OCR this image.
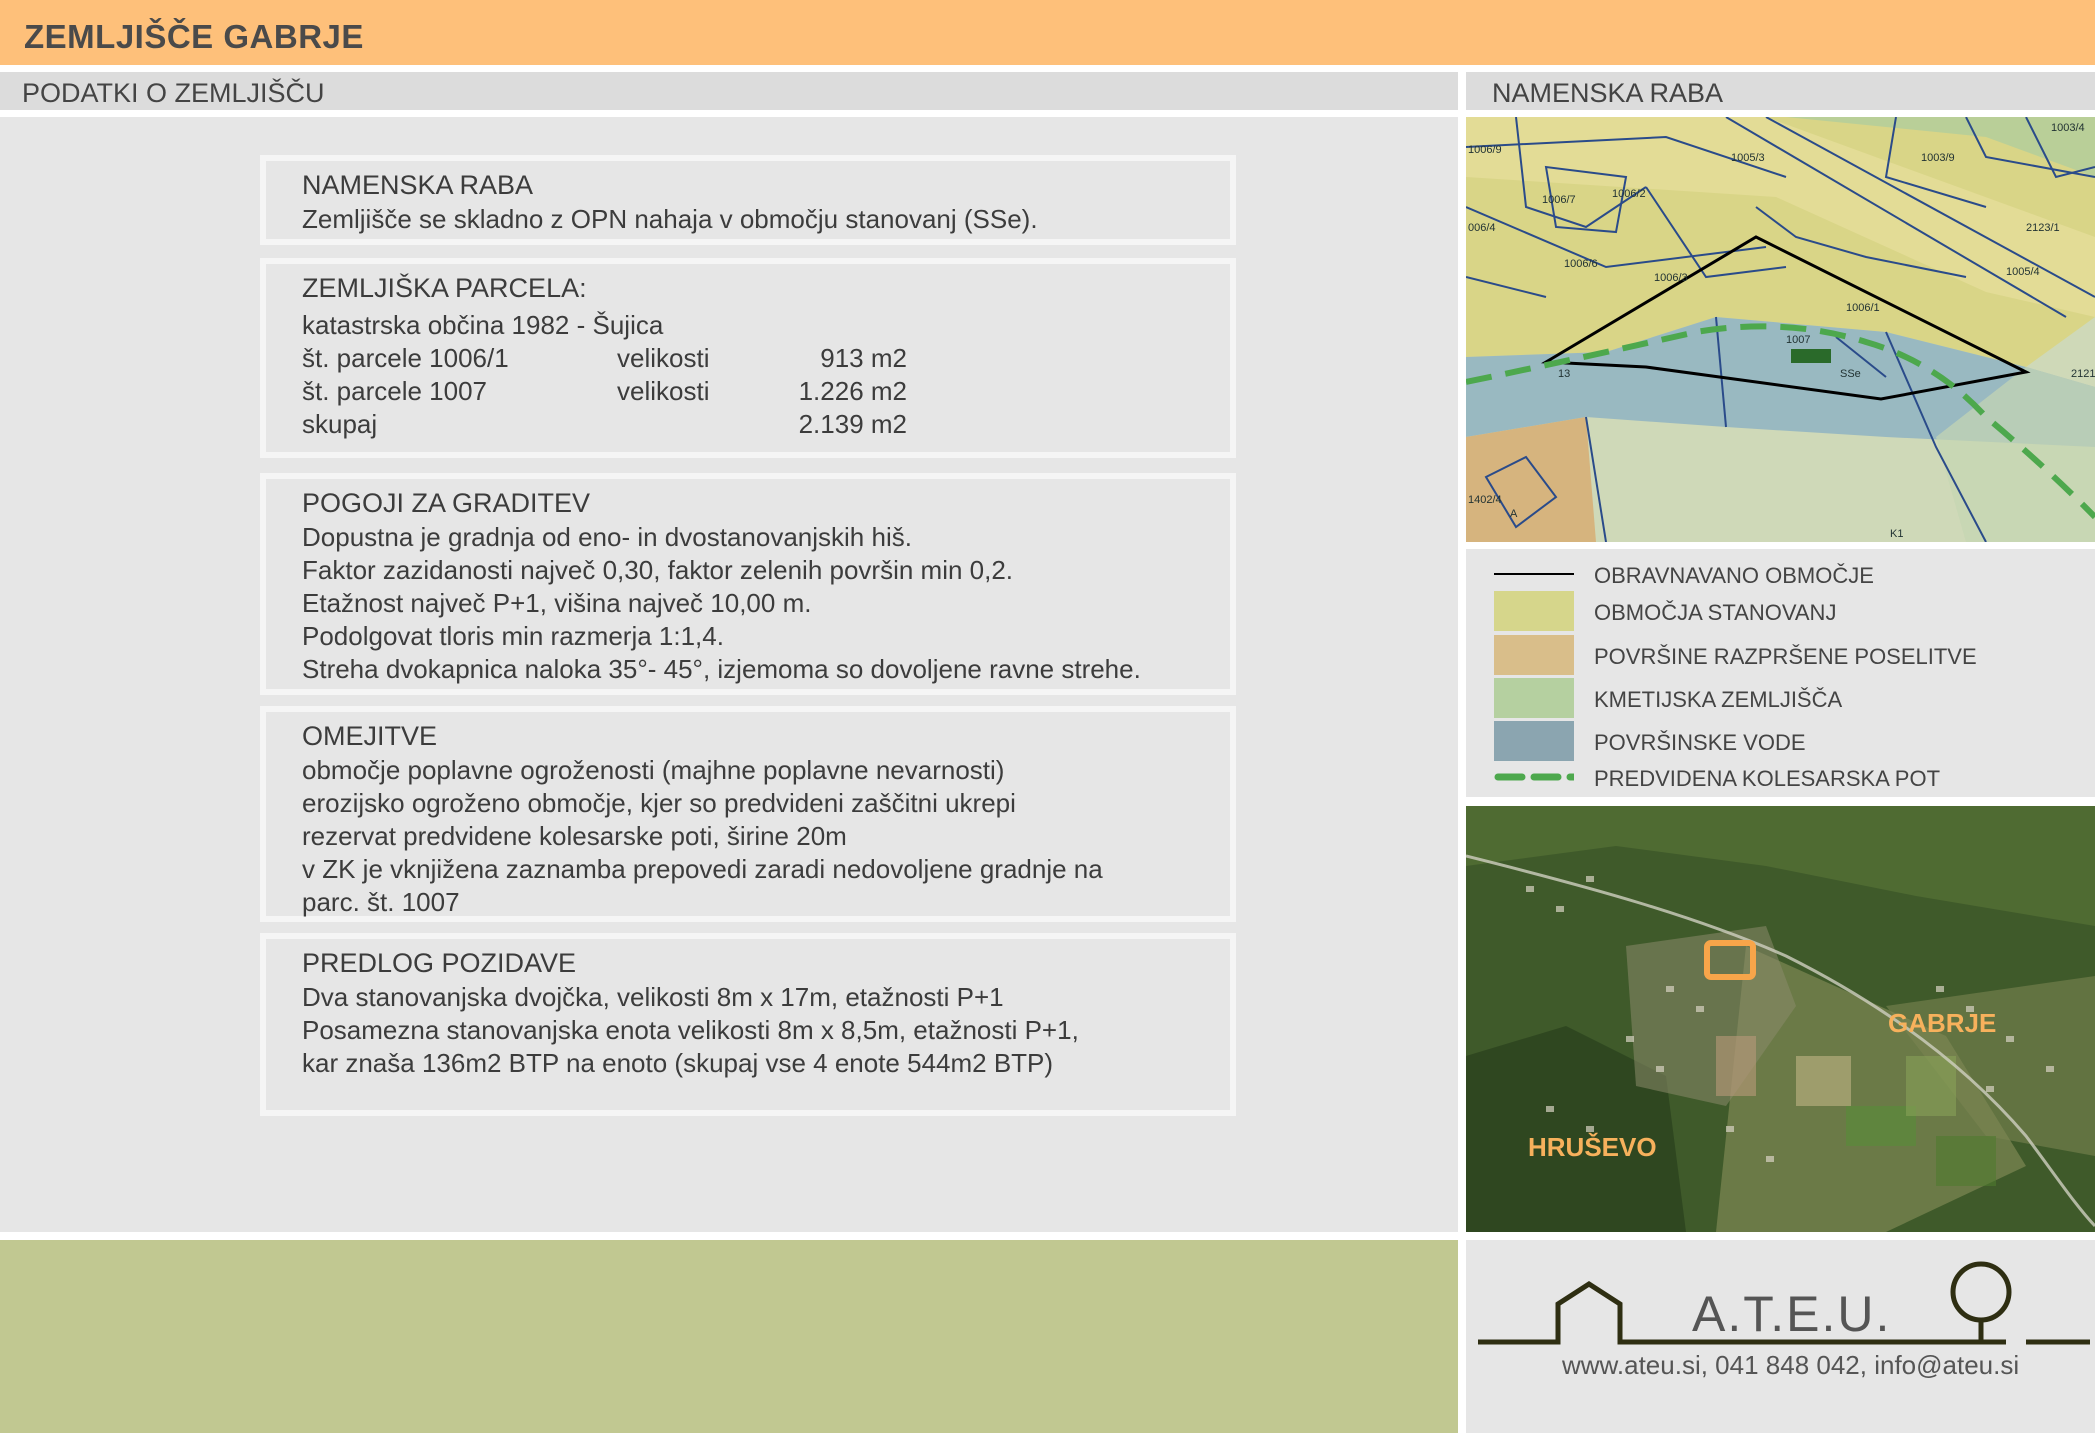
ZEMLJIŠČE GABRJE
PODATKI O ZEMLJIŠČU	NAMENSKA RABA
NAMENSKA RABA
Zemljišče se skladno z OPN nahaja v območju stanovanj (SSe).
ZEMLJIŠKA PARCELA:
katastrska občina 1982 - Šujica
št. parcele 1006/1	velikosti	913 m2
št. parcele 1007	velikosti	1.226 m2
skupaj	2.139 m2
POGOJI ZA GRADITEV
Dopustna je gradnja od eno- in dvostanovanjskih hiš.
Faktor zazidanosti največ 0,30, faktor zelenih površin min 0,2.
Etažnost največ P+1, višina največ 10,00 m.
Podolgovat tloris min razmerja 1:1,4.
Streha dvokapnica naloka 35°- 45°, izjemoma so dovoljene ravne strehe.
OMEJITVE
območje poplavne ogroženosti (majhne poplavne nevarnosti)
erozijsko ogroženo območje, kjer so predvideni zaščitni ukrepi
rezervat predvidene kolesarske poti, širine 20m
v ZK je vknjižena zaznamba prepovedi zaradi nedovoljene gradnje na
parc. št. 1007
PREDLOG POZIDAVE
Dva stanovanjska dvojčka, velikosti 8m x 17m, etažnosti P+1
Posamezna stanovanjska enota velikosti 8m x 8,5m, etažnosti P+1,
kar znaša 136m2 BTP na enoto (skupaj vse 4 enote 544m2 BTP)
1006/9
1006/7	1006/2
006/4
1006/6
1006/3
1006/1
1005/3	1003/9
1003/4
2123/1
1005/4
1007
SSe	2121
1402/4
A
K1
13
OBRAVNAVANO OBMOČJE
OBMOČJA STANOVANJ
POVRŠINE RAZPRŠENE POSELITVE
KMETIJSKA ZEMLJIŠČA
POVRŠINSKE VODE
PREDVIDENA KOLESARSKA POT
GABRJE
HRUŠEVO
A.T.E.U.
www.ateu.si, 041 848 042, info@ateu.si
